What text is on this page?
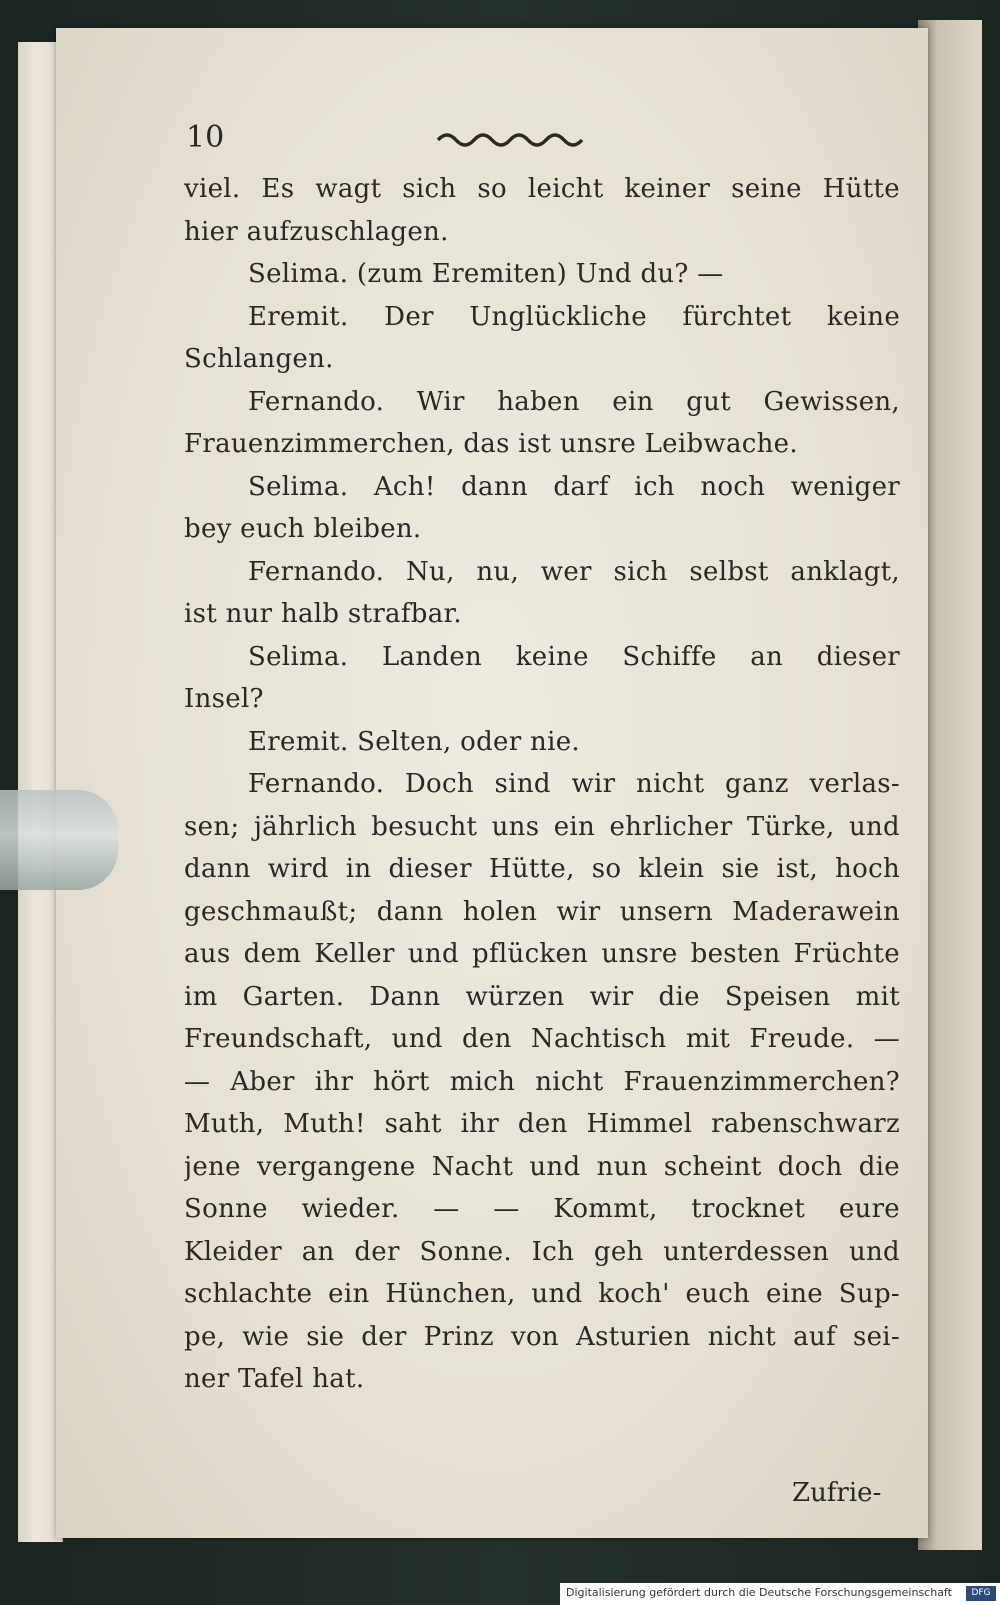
10
viel. Es wagt sich so leicht keiner seine Hütte
hier aufzuschlagen.
Selima. (zum Eremiten) Und du? —
Eremit. Der Unglückliche fürchtet keine
Schlangen.
Fernando. Wir haben ein gut Gewissen,
Frauenzimmerchen, das ist unsre Leibwache.
Selima. Ach! dann darf ich noch weniger
bey euch bleiben.
Fernando. Nu, nu, wer sich selbst anklagt,
ist nur halb strafbar.
Selima. Landen keine Schiffe an dieser
Insel?
Eremit. Selten, oder nie.
Fernando. Doch sind wir nicht ganz verlas-
sen; jährlich besucht uns ein ehrlicher Türke, und
dann wird in dieser Hütte, so klein sie ist, hoch
geschmaußt; dann holen wir unsern Maderawein
aus dem Keller und pflücken unsre besten Früchte
im Garten. Dann würzen wir die Speisen mit
Freundschaft, und den Nachtisch mit Freude. —
— Aber ihr hört mich nicht Frauenzimmerchen?
Muth, Muth! saht ihr den Himmel rabenschwarz
jene vergangene Nacht und nun scheint doch die
Sonne wieder. — — Kommt, trocknet eure
Kleider an der Sonne. Ich geh unterdessen und
schlachte ein Hünchen, und koch' euch eine Sup-
pe, wie sie der Prinz von Asturien nicht auf sei-
ner Tafel hat.
Zufrie-
Digitalisierung gefördert durch die Deutsche Forschungsgemeinschaft	DFG
